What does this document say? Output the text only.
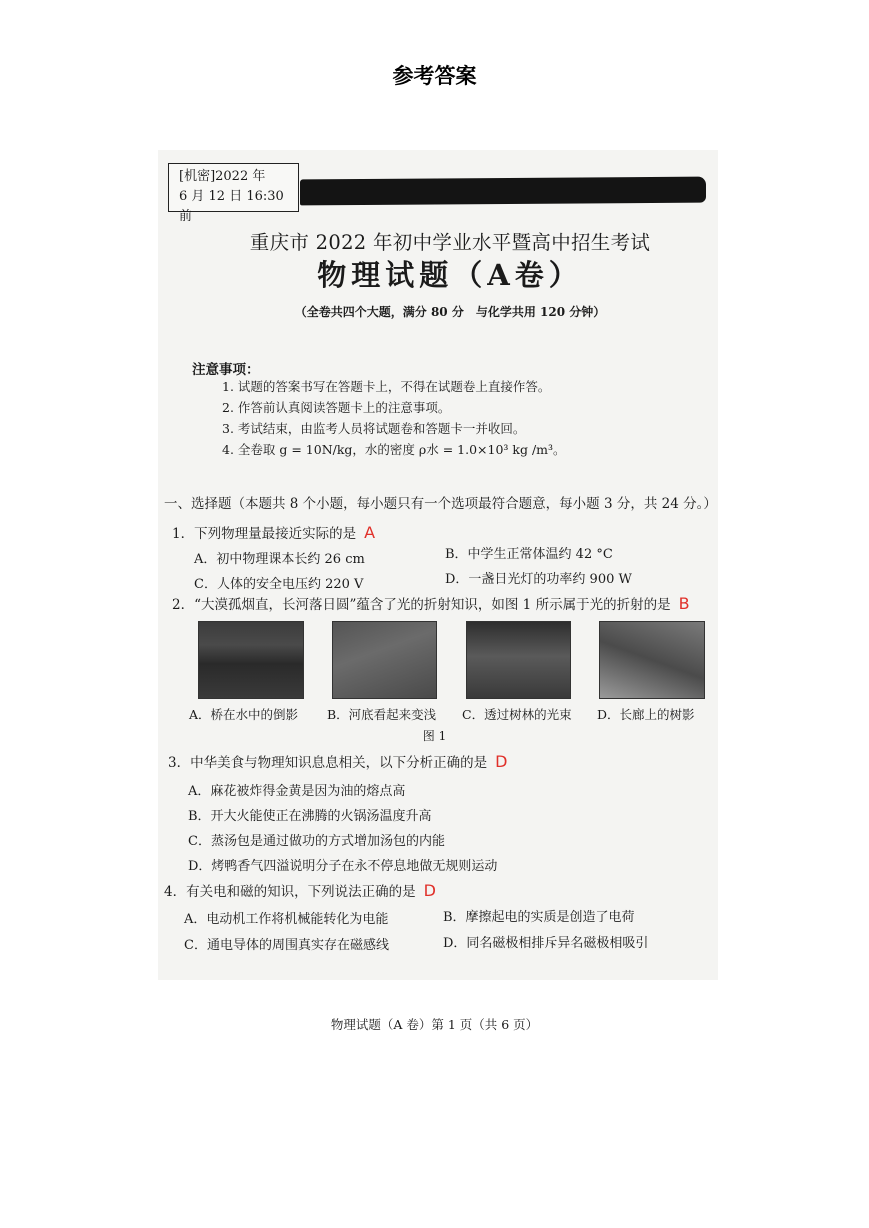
参考答案
[机密]2022 年
6 月 12 日 16:30 前
重庆市 2022 年初中学业水平暨高中招生考试
物理试题（A卷）
（全卷共四个大题，满分 80 分　与化学共用 120 分钟）
注意事项：
1. 试题的答案书写在答题卡上，不得在试题卷上直接作答。
2. 作答前认真阅读答题卡上的注意事项。
3. 考试结束，由监考人员将试题卷和答题卡一并收回。
4. 全卷取 g = 10N/kg，水的密度 ρ水 = 1.0×10³ kg /m³。
一、选择题（本题共 8 个小题，每小题只有一个选项最符合题意，每小题 3 分，共 24 分。）
1．下列物理量最接近实际的是 A
A．初中物理课本长约 26 cm	B．中学生正常体温约 42 °C
C．人体的安全电压约 220 V	D．一盏日光灯的功率约 900 W
2．“大漠孤烟直，长河落日圆”蕴含了光的折射知识，如图 1 所示属于光的折射的是 B
A．桥在水中的倒影 B．河底看起来变浅 C．透过树林的光束 D．长廊上的树影
图 1
3．中华美食与物理知识息息相关，以下分析正确的是 D
A．麻花被炸得金黄是因为油的熔点高
B．开大火能使正在沸腾的火锅汤温度升高
C．蒸汤包是通过做功的方式增加汤包的内能
D．烤鸭香气四溢说明分子在永不停息地做无规则运动
4．有关电和磁的知识，下列说法正确的是 D
A．电动机工作将机械能转化为电能	B．摩擦起电的实质是创造了电荷
C．通电导体的周围真实存在磁感线	D．同名磁极相排斥异名磁极相吸引
物理试题（A 卷）第 1 页（共 6 页）
